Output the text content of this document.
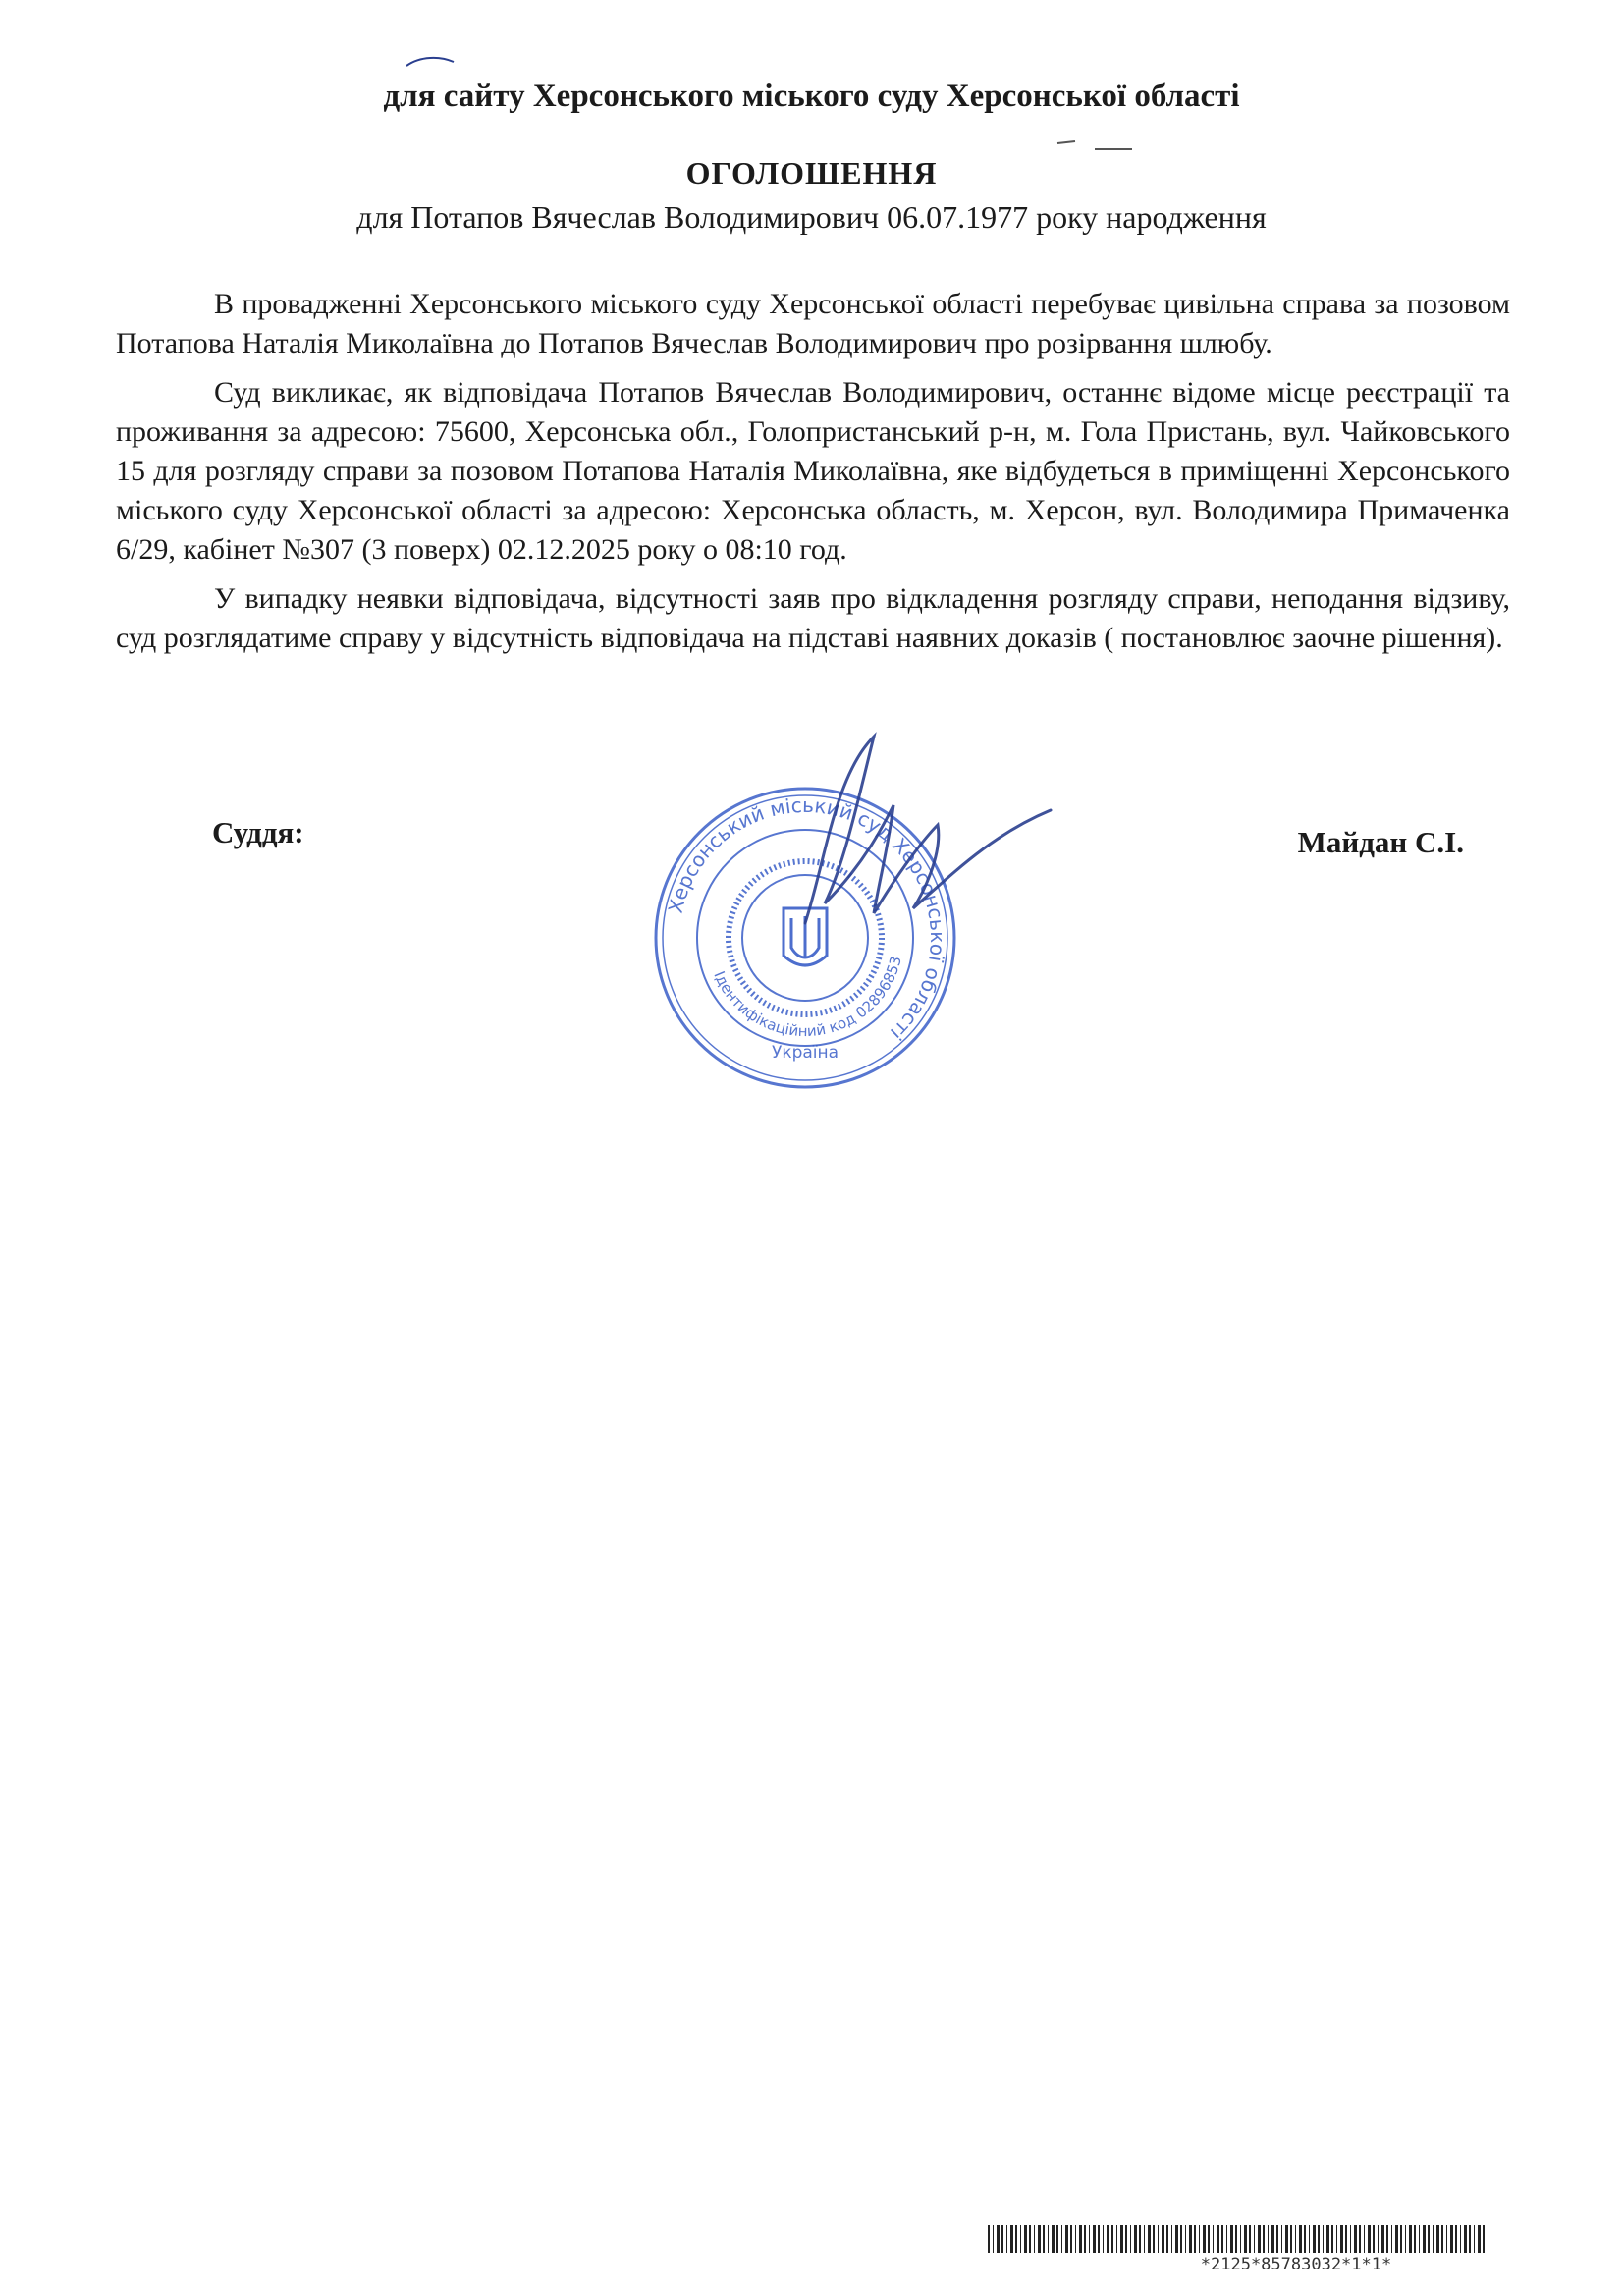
для сайту Херсонського міського суду Херсонської області
ОГОЛОШЕННЯ
для Потапов Вячеслав Володимирович 06.07.1977 року народження

В провадженні Херсонського міського суду Херсонської області перебуває цивільна справа за позовом Потапова Наталія Миколаївна до Потапов Вячеслав Володимирович про розірвання шлюбу.

Суд викликає, як відповідача Потапов Вячеслав Володимирович, останнє відоме місце реєстрації та проживання за адресою: 75600, Херсонська обл., Голопристанський р-н, м. Гола Пристань, вул. Чайковського 15 для розгляду справи за позовом Потапова Наталія Миколаївна, яке відбудеться в приміщенні Херсонського міського суду Херсонської області за адресою: Херсонська область, м. Херсон, вул. Володимира Примаченка 6/29, кабінет №307 (3 поверх) 02.12.2025 року о 08:10 год.

У випадку неявки відповідача, відсутності заяв про відкладення розгляду справи, неподання відзиву, суд розглядатиме справу у відсутність відповідача на підставі наявних доказів ( постановлює заочне рішення).

Суддя:	Майдан С.І.
Херсонський міський суд Херсонської області
Ідентифікаційний код 02896853
Україна
*2125*85783032*1*1*
